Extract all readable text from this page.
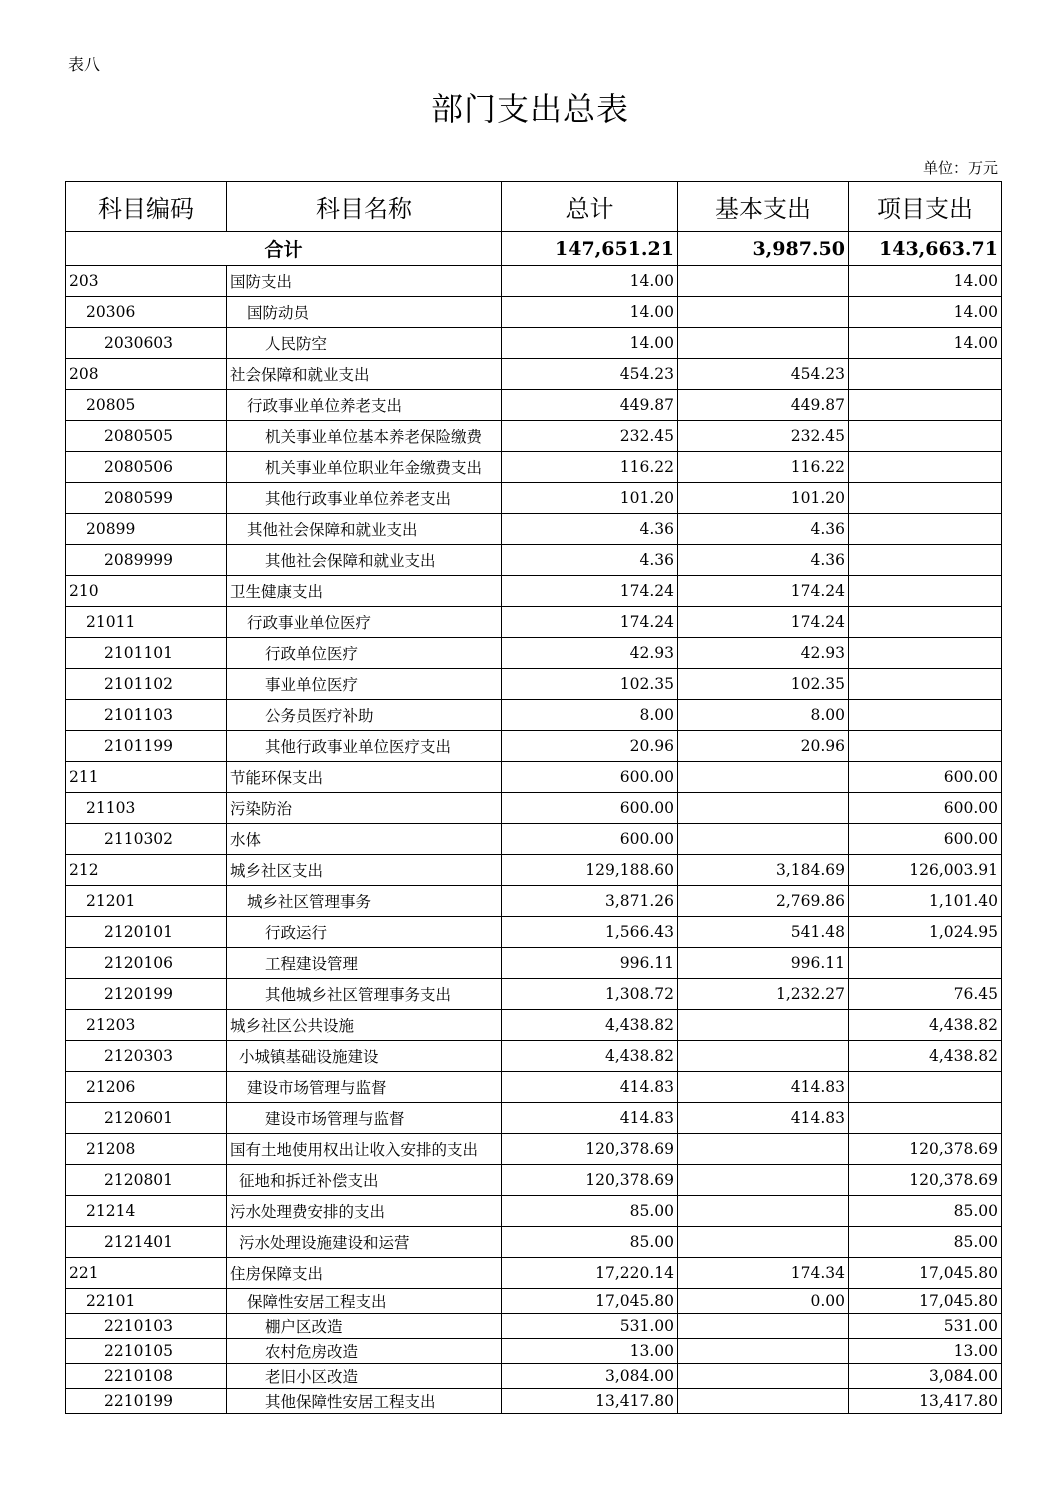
表八
部门支出总表
单位：万元
科目编码	科目名称	总计	基本支出	项目支出
合计		147,651.21	3,987.50	143,663.71
203	国防支出	14.00		14.00
20306	国防动员	14.00		14.00
2030603	人民防空	14.00		14.00
208	社会保障和就业支出	454.23	454.23	
20805	行政事业单位养老支出	449.87	449.87	
2080505	机关事业单位基本养老保险缴费	232.45	232.45	
2080506	机关事业单位职业年金缴费支出	116.22	116.22	
2080599	其他行政事业单位养老支出	101.20	101.20	
20899	其他社会保障和就业支出	4.36	4.36	
2089999	其他社会保障和就业支出	4.36	4.36	
210	卫生健康支出	174.24	174.24	
21011	行政事业单位医疗	174.24	174.24	
2101101	行政单位医疗	42.93	42.93	
2101102	事业单位医疗	102.35	102.35	
2101103	公务员医疗补助	8.00	8.00	
2101199	其他行政事业单位医疗支出	20.96	20.96	
211	节能环保支出	600.00		600.00
21103	污染防治	600.00		600.00
2110302	水体	600.00		600.00
212	城乡社区支出	129,188.60	3,184.69	126,003.91
21201	城乡社区管理事务	3,871.26	2,769.86	1,101.40
2120101	行政运行	1,566.43	541.48	1,024.95
2120106	工程建设管理	996.11	996.11	
2120199	其他城乡社区管理事务支出	1,308.72	1,232.27	76.45
21203	城乡社区公共设施	4,438.82		4,438.82
2120303	小城镇基础设施建设	4,438.82		4,438.82
21206	建设市场管理与监督	414.83	414.83	
2120601	建设市场管理与监督	414.83	414.83	
21208	国有土地使用权出让收入安排的支出	120,378.69		120,378.69
2120801	征地和拆迁补偿支出	120,378.69		120,378.69
21214	污水处理费安排的支出	85.00		85.00
2121401	污水处理设施建设和运营	85.00		85.00
221	住房保障支出	17,220.14	174.34	17,045.80
22101	保障性安居工程支出	17,045.80	0.00	17,045.80
2210103	棚户区改造	531.00		531.00
2210105	农村危房改造	13.00		13.00
2210108	老旧小区改造	3,084.00		3,084.00
2210199	其他保障性安居工程支出	13,417.80		13,417.80
